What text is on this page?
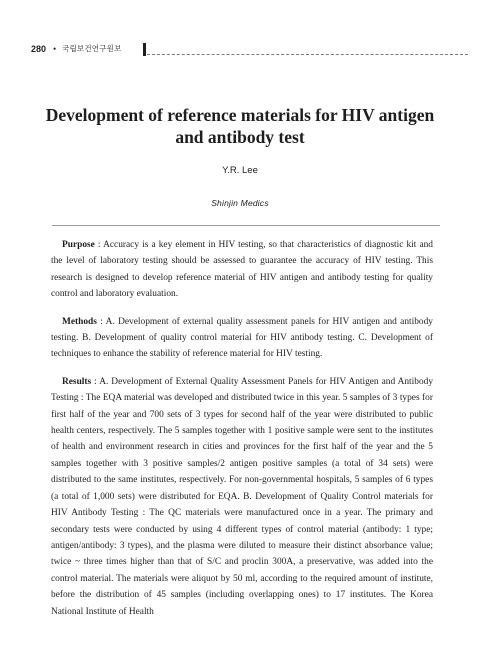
280 • 국립보건연구원보
Development of reference materials for HIV antigen
and antibody test
Y.R. Lee
Shinjin Medics

Purpose : Accuracy is a key element in HIV testing, so that characteristics of diagnostic kit and the level of laboratory testing should be assessed to guarantee the accuracy of HIV testing. This research is designed to develop reference material of HIV antigen and antibody testing for quality control and laboratory evaluation.

Methods : A. Development of external quality assessment panels for HIV antigen and antibody testing. B. Development of quality control material for HIV antibody testing. C. Development of techniques to enhance the stability of reference material for HIV testing.

Results : A. Development of External Quality Assessment Panels for HIV Antigen and Antibody Testing : The EQA material was developed and distributed twice in this year. 5 samples of 3 types for first half of the year and 700 sets of 3 types for second half of the year were distributed to public health centers, respectively. The 5 samples together with 1 positive sample were sent to the institutes of health and environment research in cities and provinces for the first half of the year and the 5 samples together with 3 positive samples/2 antigen positive samples (a total of 34 sets) were distributed to the same institutes, respectively. For non-governmental hospitals, 5 samples of 6 types (a total of 1,000 sets) were distributed for EQA. B. Development of Quality Control materials for HIV Antibody Testing : The QC materials were manufactured once in a year. The primary and secondary tests were conducted by using 4 different types of control material (antibody: 1 type; antigen/antibody: 3 types), and the plasma were diluted to measure their distinct absorbance value; twice ~ three times higher than that of S/C and proclin 300A, a preservative, was added into the control material. The materials were aliquot by 50 ml, according to the required amount of institute, before the distribution of 45 samples (including overlapping ones) to 17 institutes. The Korea National Institute of Health
